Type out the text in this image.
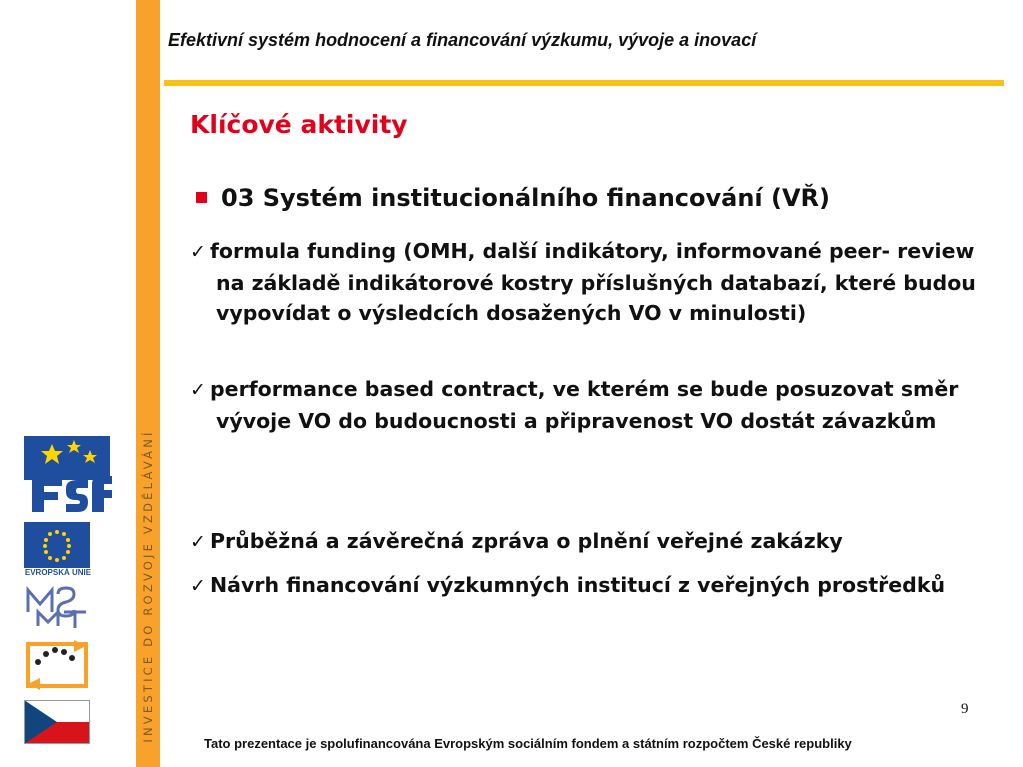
INVESTICE DO ROZVOJE VZDĚLÁVÁNÍ
Efektivní systém hodnocení a financování výzkumu, vývoje a inovací
Klíčové aktivity
03 Systém institucionálního financování (VŘ)
✓ formula funding (OMH, další indikátory, informované peer- review na základě indikátorové kostry příslušných databazí, které budou vypovídat o výsledcích dosažených VO v minulosti)
✓ performance based contract, ve kterém se bude posuzovat směr vývoje VO do budoucnosti a připravenost VO dostát závazkům
✓ Průběžná a závěrečná zpráva o plnění veřejné zakázky
✓ Návrh financování výzkumných institucí z veřejných prostředků
9
Tato prezentace je spolufinancována Evropským sociálním fondem a státním rozpočtem České republiky
EVROPSKÁ UNIE
